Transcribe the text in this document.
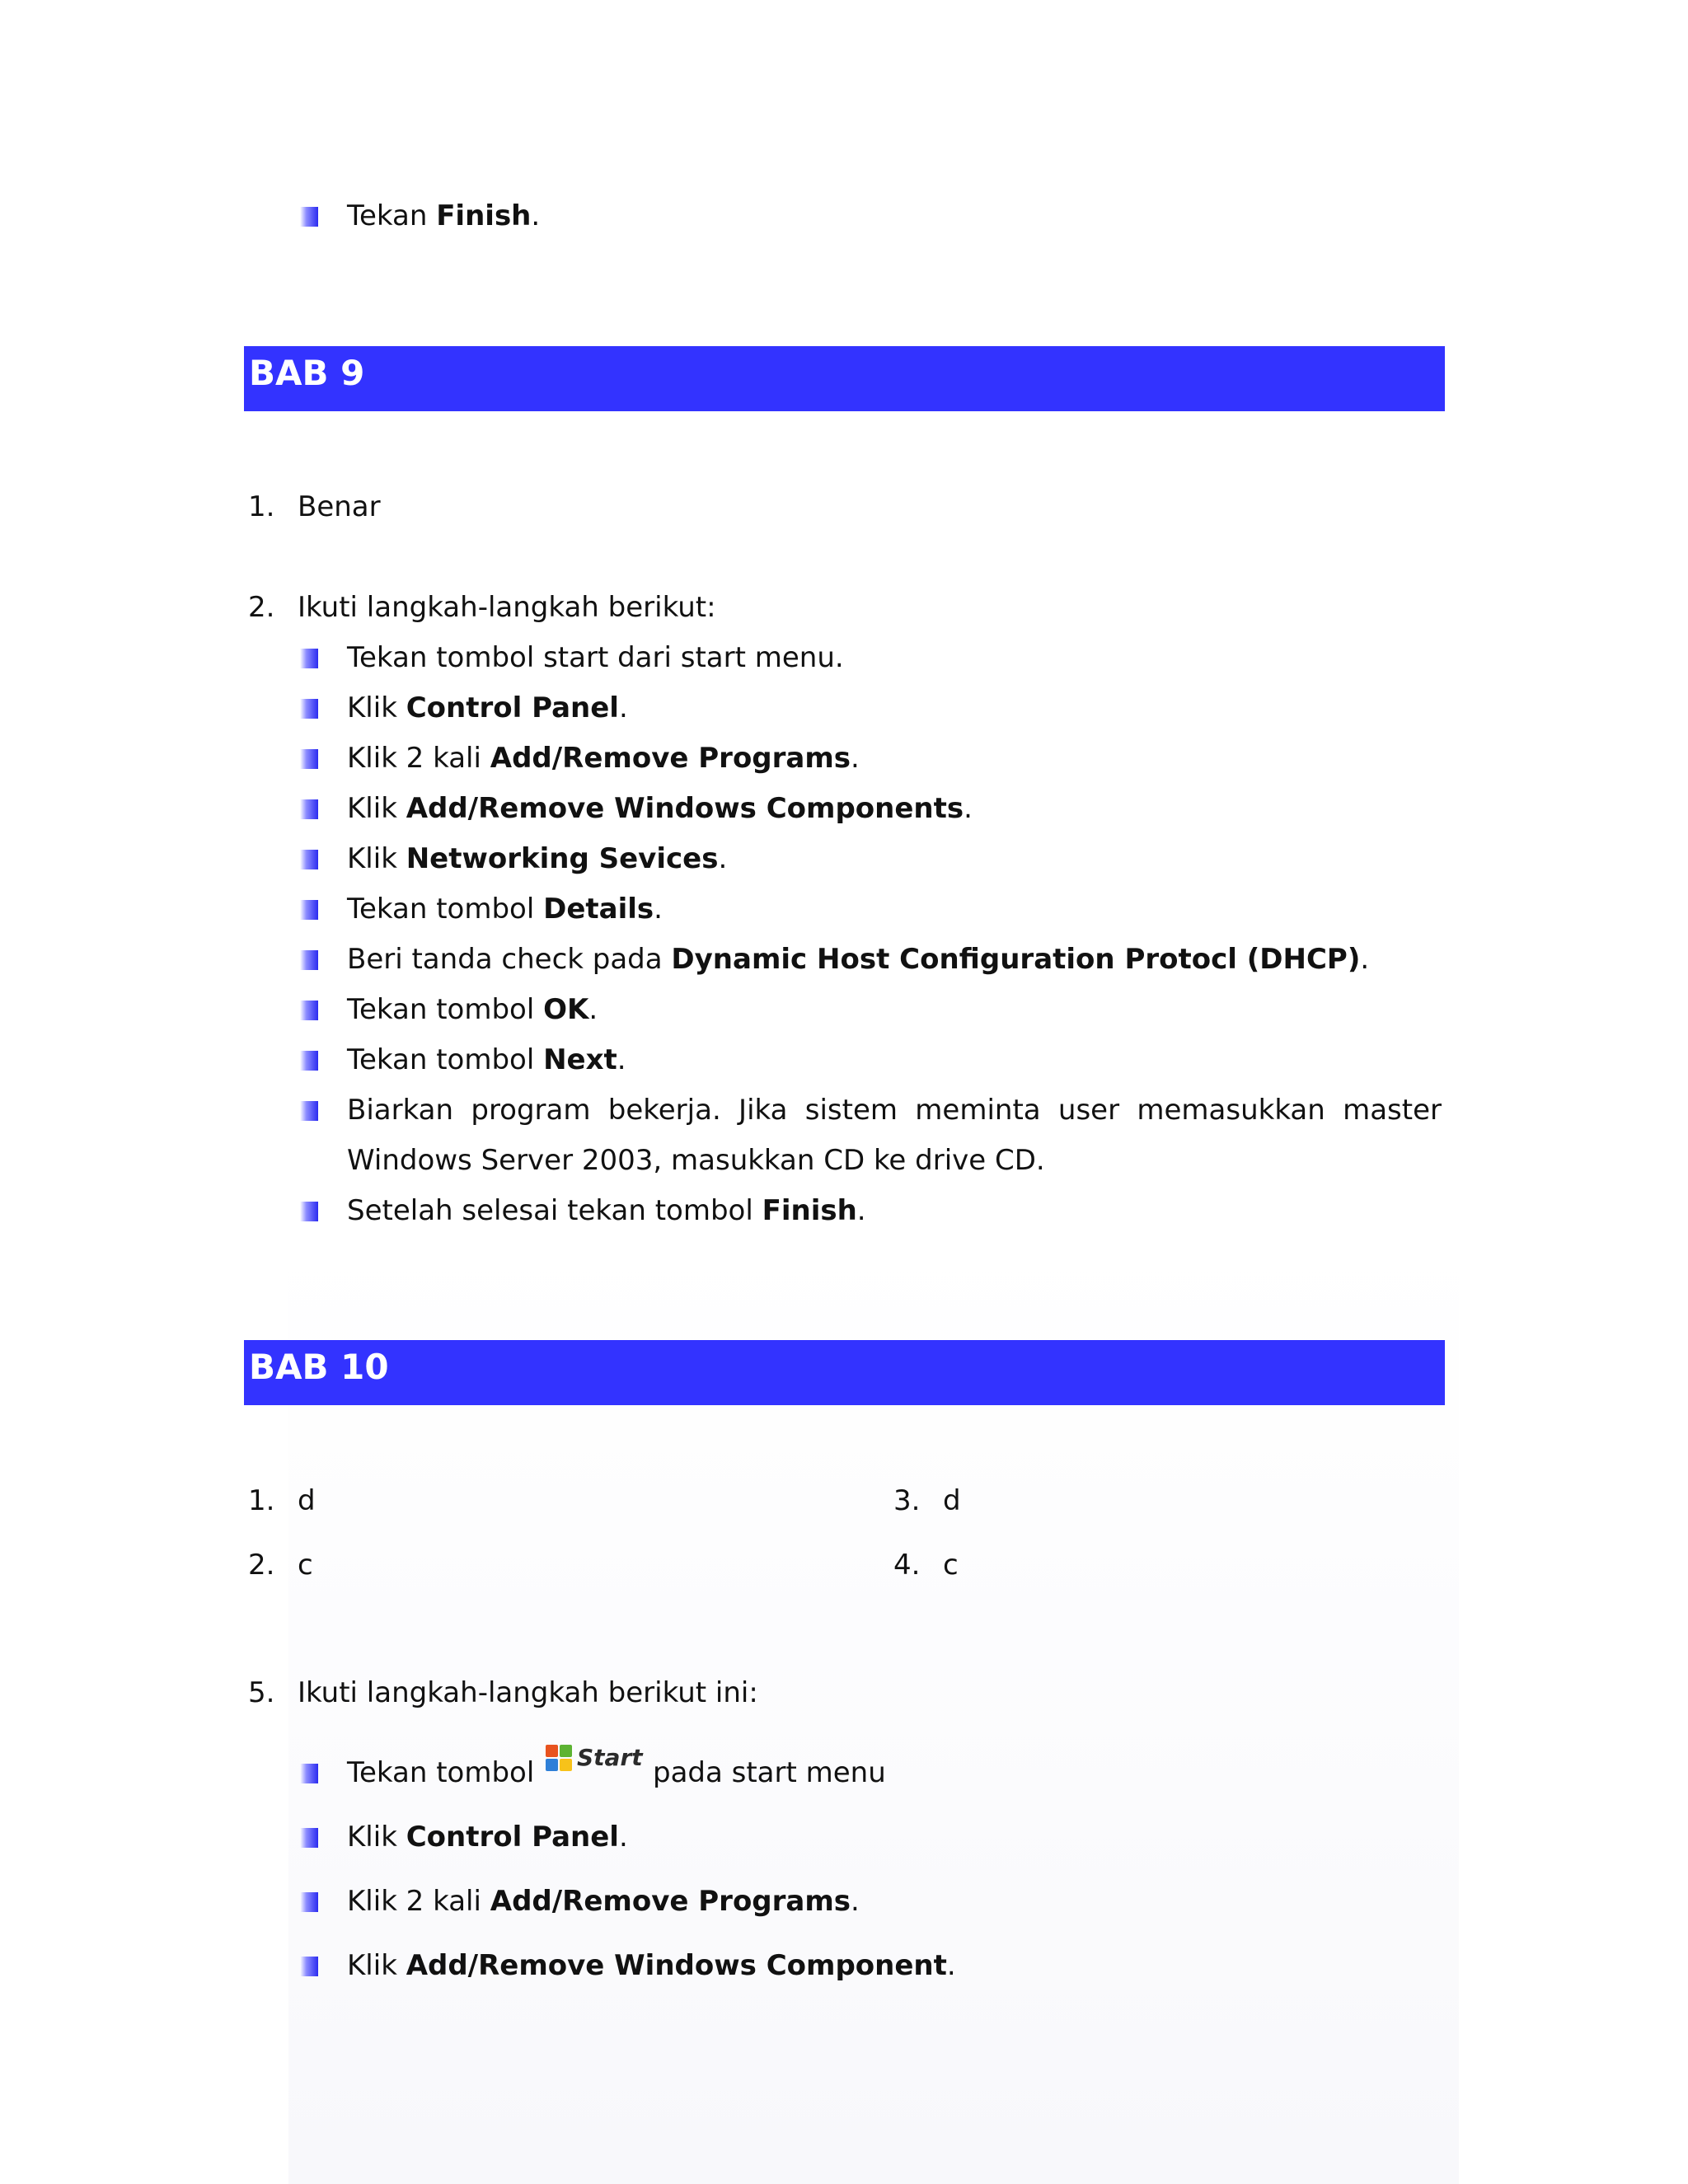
Tekan Finish.
BAB 9
1. Benar
2. Ikuti langkah-langkah berikut:
Tekan tombol start dari start menu.
Klik Control Panel.
Klik 2 kali Add/Remove Programs.
Klik Add/Remove Windows Components.
Klik Networking Sevices.
Tekan tombol Details.
Beri tanda check pada Dynamic Host Configuration Protocl (DHCP).
Tekan tombol OK.
Tekan tombol Next.
Biarkan program bekerja. Jika sistem meminta user memasukkan master
Windows Server 2003, masukkan CD ke drive CD.
Setelah selesai tekan tombol Finish.
BAB 10
1. d
2. c
3. d
4. c
5. Ikuti langkah-langkah berikut ini:
Tekan tombol Start pada start menu
Klik Control Panel.
Klik 2 kali Add/Remove Programs.
Klik Add/Remove Windows Component.
